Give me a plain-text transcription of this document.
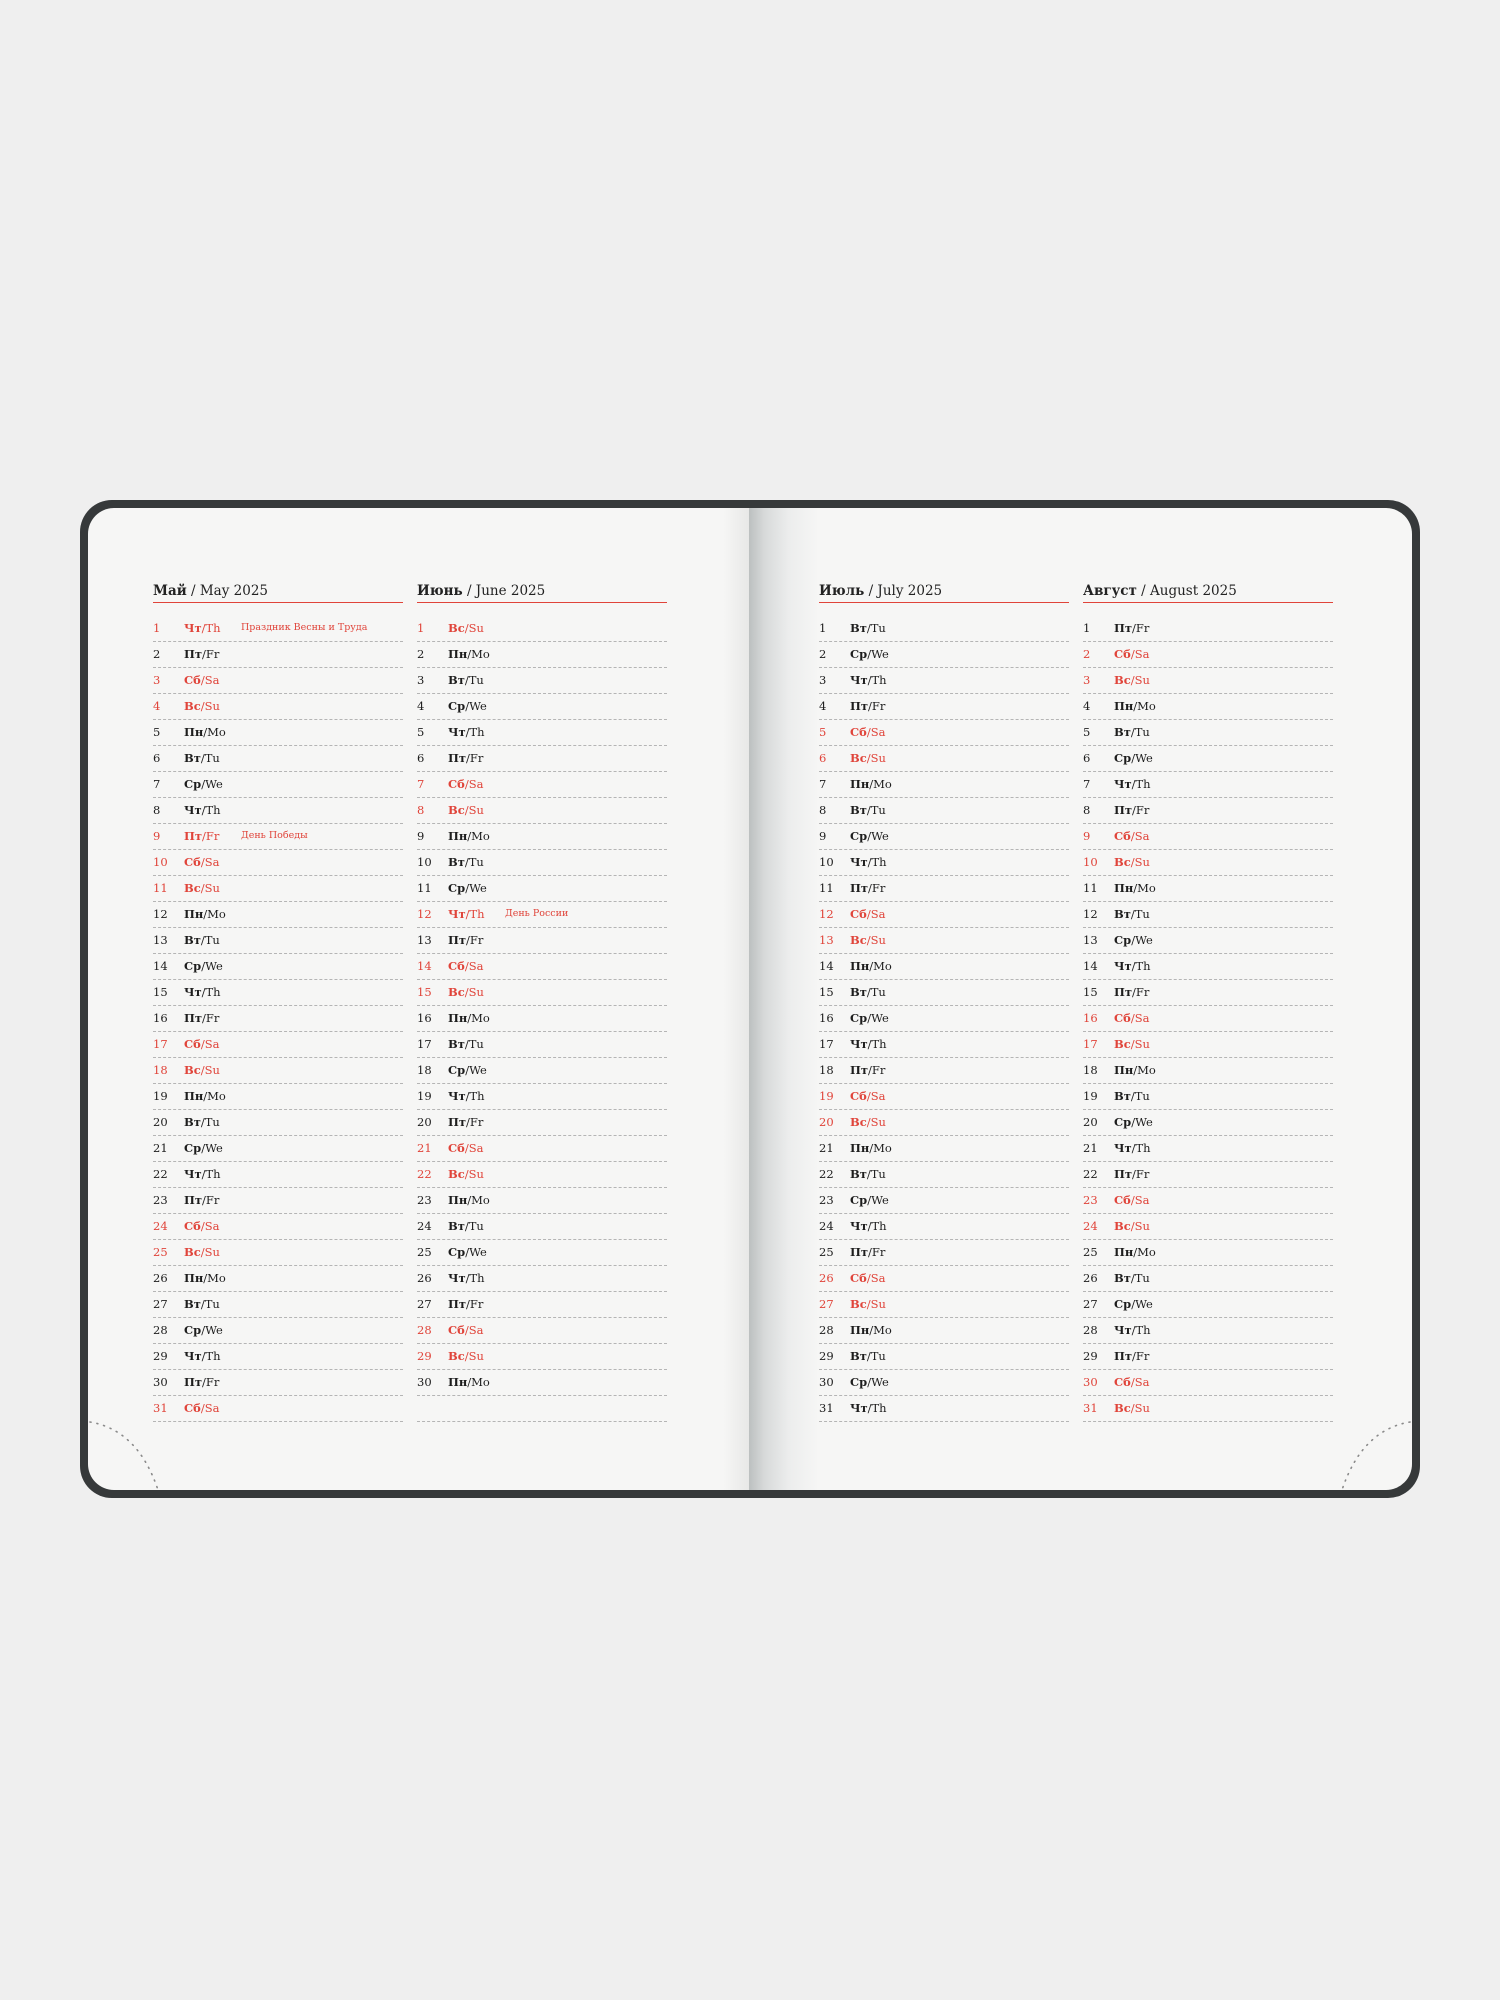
Май / May 2025
1	Чт/Th Праздник Весны и Труда
2	Пт/Fr
3	Сб/Sa
4	Вс/Su
5	Пн/Mo
6	Вт/Tu
7	Ср/We
8	Чт/Th
9	Пт/Fr День Победы
10	Сб/Sa
11	Вс/Su
12	Пн/Mo
13	Вт/Tu
14	Ср/We
15	Чт/Th
16	Пт/Fr
17	Сб/Sa
18	Вс/Su
19	Пн/Mo
20	Вт/Tu
21	Ср/We
22	Чт/Th
23	Пт/Fr
24	Сб/Sa
25	Вс/Su
26	Пн/Mo
27	Вт/Tu
28	Ср/We
29	Чт/Th
30	Пт/Fr
31	Сб/Sa
Июнь / June 2025
1	Вс/Su
2	Пн/Mo
3	Вт/Tu
4	Ср/We
5	Чт/Th
6	Пт/Fr
7	Сб/Sa
8	Вс/Su
9	Пн/Mo
10	Вт/Tu
11	Ср/We
12	Чт/Th День России
13	Пт/Fr
14	Сб/Sa
15	Вс/Su
16	Пн/Mo
17	Вт/Tu
18	Ср/We
19	Чт/Th
20	Пт/Fr
21	Сб/Sa
22	Вс/Su
23	Пн/Mo
24	Вт/Tu
25	Ср/We
26	Чт/Th
27	Пт/Fr
28	Сб/Sa
29	Вс/Su
30	Пн/Mo
Июль / July 2025
1	Вт/Tu
2	Ср/We
3	Чт/Th
4	Пт/Fr
5	Сб/Sa
6	Вс/Su
7	Пн/Mo
8	Вт/Tu
9	Ср/We
10	Чт/Th
11	Пт/Fr
12	Сб/Sa
13	Вс/Su
14	Пн/Mo
15	Вт/Tu
16	Ср/We
17	Чт/Th
18	Пт/Fr
19	Сб/Sa
20	Вс/Su
21	Пн/Mo
22	Вт/Tu
23	Ср/We
24	Чт/Th
25	Пт/Fr
26	Сб/Sa
27	Вс/Su
28	Пн/Mo
29	Вт/Tu
30	Ср/We
31	Чт/Th
Август / August 2025
1	Пт/Fr
2	Сб/Sa
3	Вс/Su
4	Пн/Mo
5	Вт/Tu
6	Ср/We
7	Чт/Th
8	Пт/Fr
9	Сб/Sa
10	Вс/Su
11	Пн/Mo
12	Вт/Tu
13	Ср/We
14	Чт/Th
15	Пт/Fr
16	Сб/Sa
17	Вс/Su
18	Пн/Mo
19	Вт/Tu
20	Ср/We
21	Чт/Th
22	Пт/Fr
23	Сб/Sa
24	Вс/Su
25	Пн/Mo
26	Вт/Tu
27	Ср/We
28	Чт/Th
29	Пт/Fr
30	Сб/Sa
31	Вс/Su
